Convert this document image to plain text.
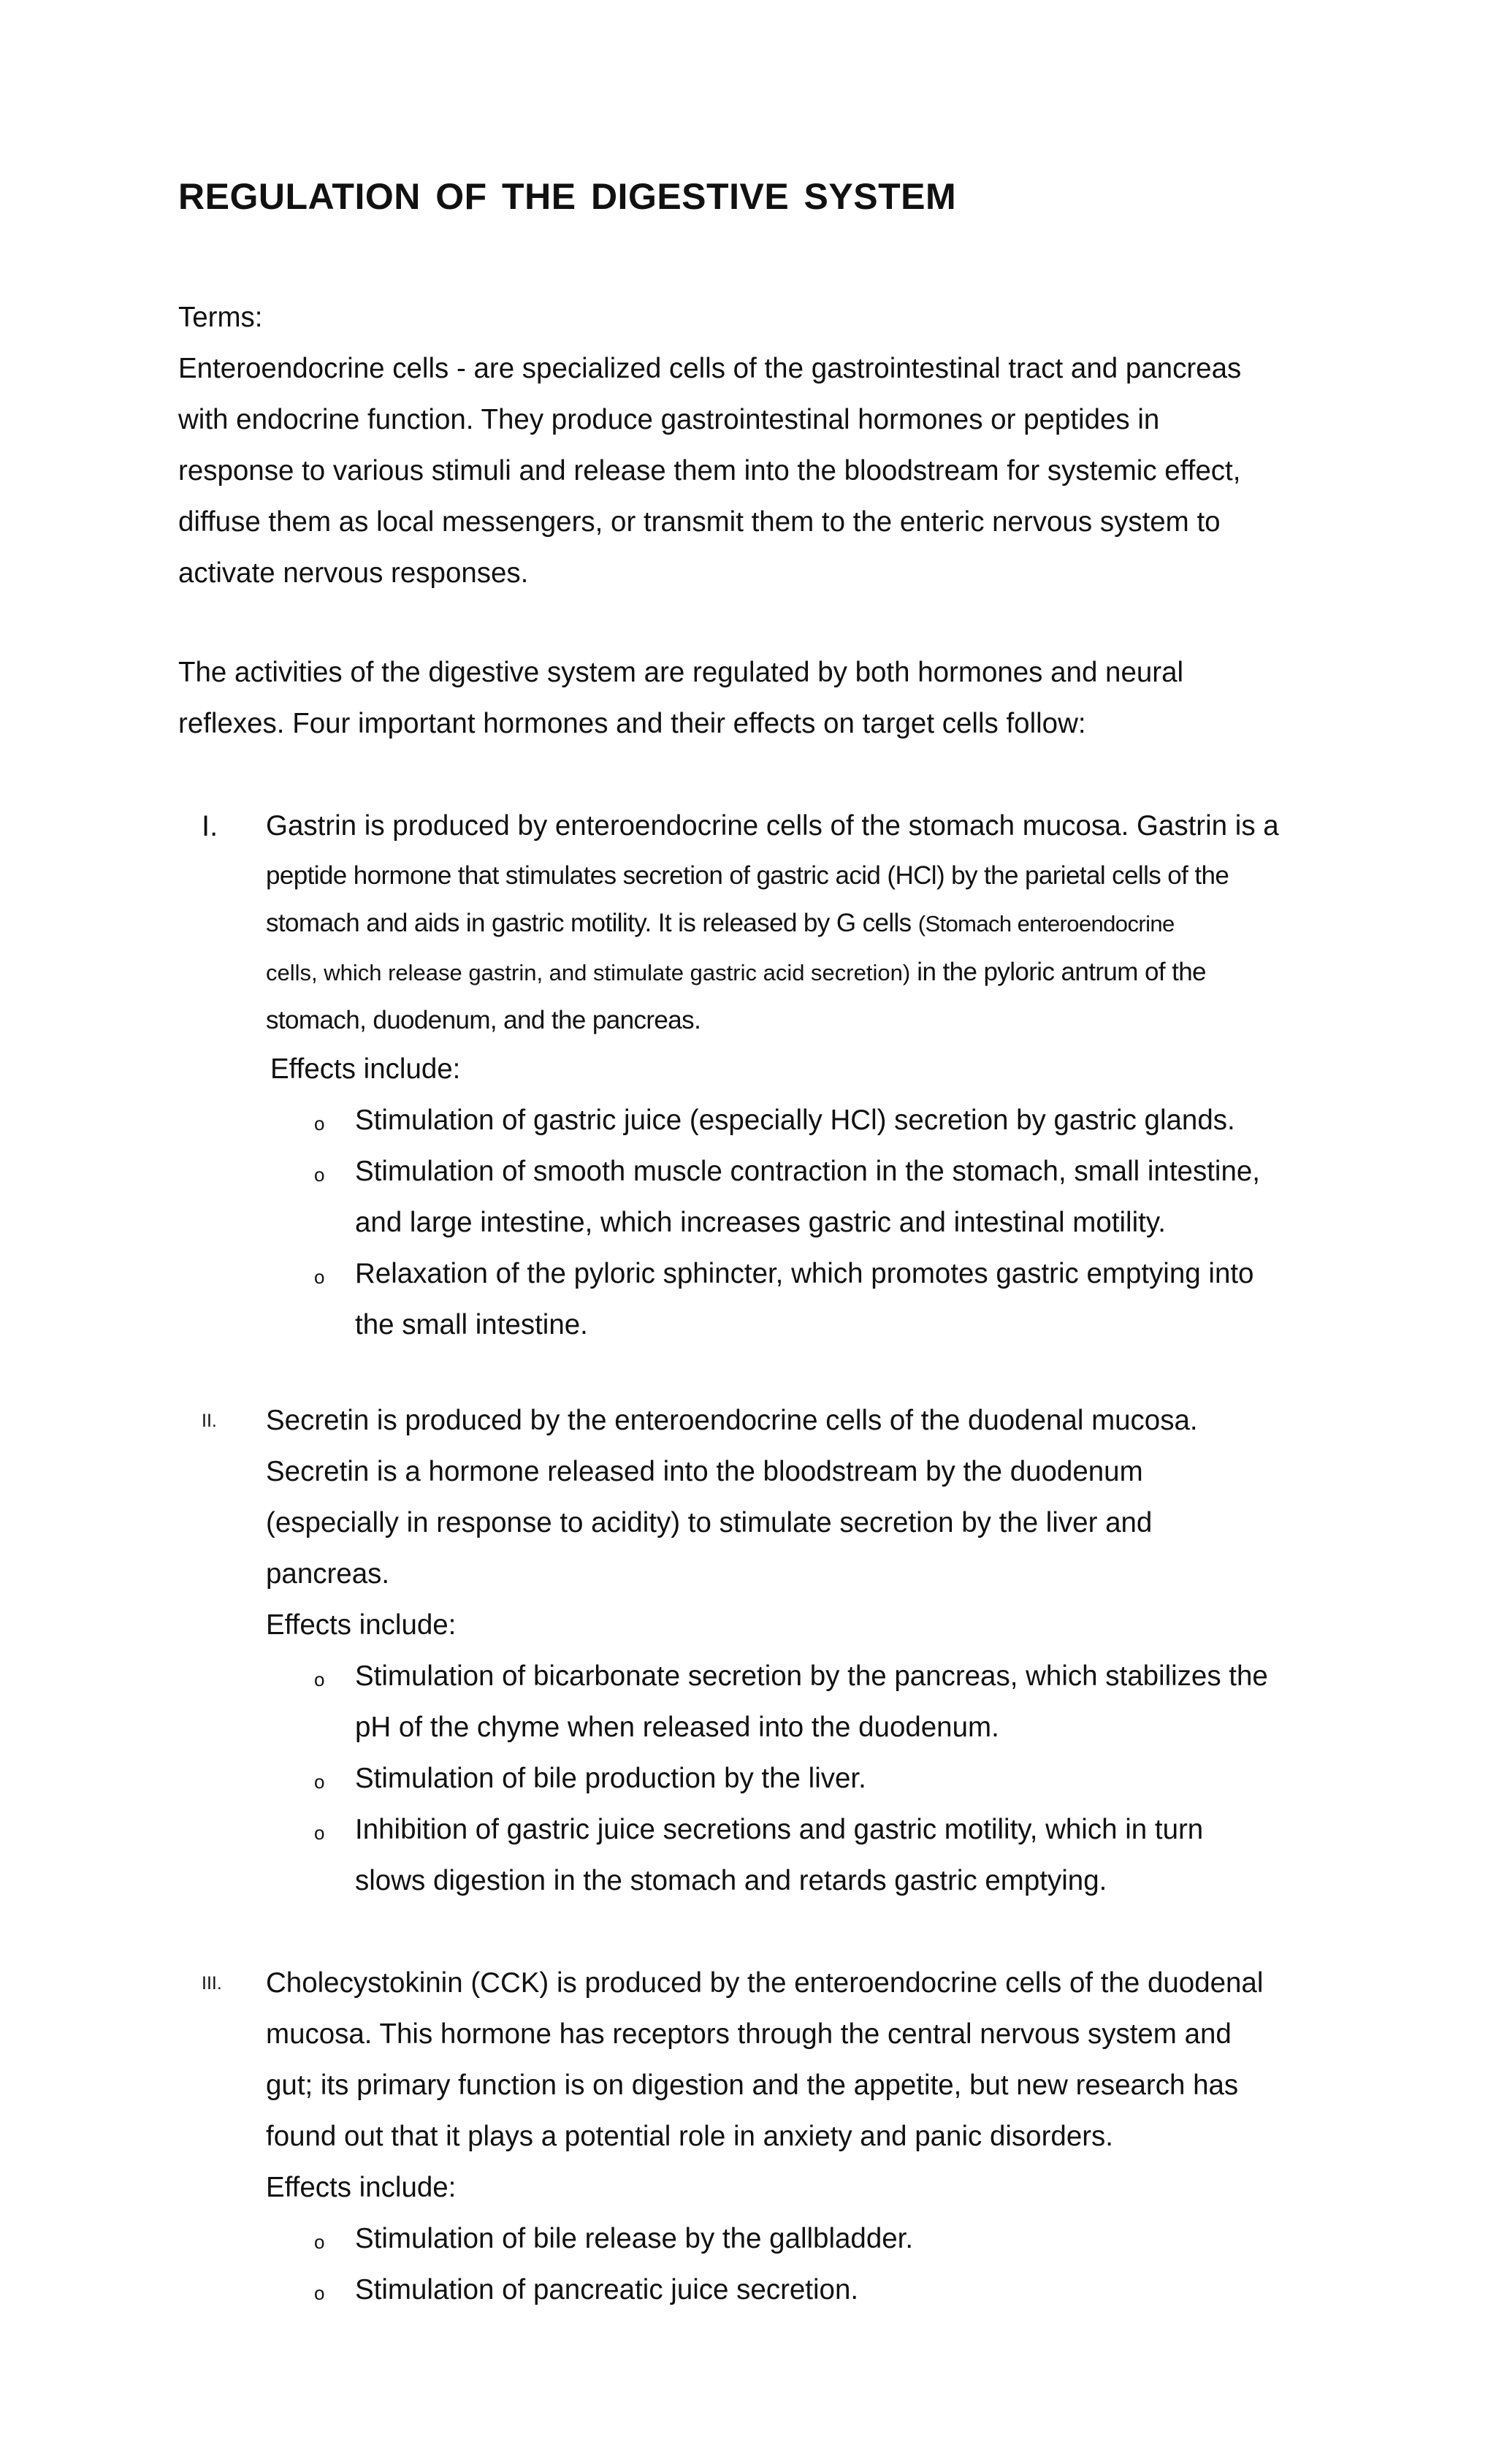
REGULATION OF THE DIGESTIVE SYSTEM
Terms:
Enteroendocrine cells - are specialized cells of the gastrointestinal tract and pancreas
with endocrine function. They produce gastrointestinal hormones or peptides in
response to various stimuli and release them into the bloodstream for systemic effect,
diffuse them as local messengers, or transmit them to the enteric nervous system to
activate nervous responses.
The activities of the digestive system are regulated by both hormones and neural
reflexes. Four important hormones and their effects on target cells follow:
I. Gastrin is produced by enteroendocrine cells of the stomach mucosa. Gastrin is a
peptide hormone that stimulates secretion of gastric acid (HCl) by the parietal cells of the
stomach and aids in gastric motility. It is released by G cells (Stomach enteroendocrine
cells, which release gastrin, and stimulate gastric acid secretion) in the pyloric antrum of the
stomach, duodenum, and the pancreas.
Effects include:
o Stimulation of gastric juice (especially HCl) secretion by gastric glands.
o Stimulation of smooth muscle contraction in the stomach, small intestine,
and large intestine, which increases gastric and intestinal motility.
o Relaxation of the pyloric sphincter, which promotes gastric emptying into
the small intestine.
II. Secretin is produced by the enteroendocrine cells of the duodenal mucosa.
Secretin is a hormone released into the bloodstream by the duodenum
(especially in response to acidity) to stimulate secretion by the liver and
pancreas.
Effects include:
o Stimulation of bicarbonate secretion by the pancreas, which stabilizes the
pH of the chyme when released into the duodenum.
o Stimulation of bile production by the liver.
o Inhibition of gastric juice secretions and gastric motility, which in turn
slows digestion in the stomach and retards gastric emptying.
III. Cholecystokinin (CCK) is produced by the enteroendocrine cells of the duodenal
mucosa. This hormone has receptors through the central nervous system and
gut; its primary function is on digestion and the appetite, but new research has
found out that it plays a potential role in anxiety and panic disorders.
Effects include:
o Stimulation of bile release by the gallbladder.
o Stimulation of pancreatic juice secretion.
